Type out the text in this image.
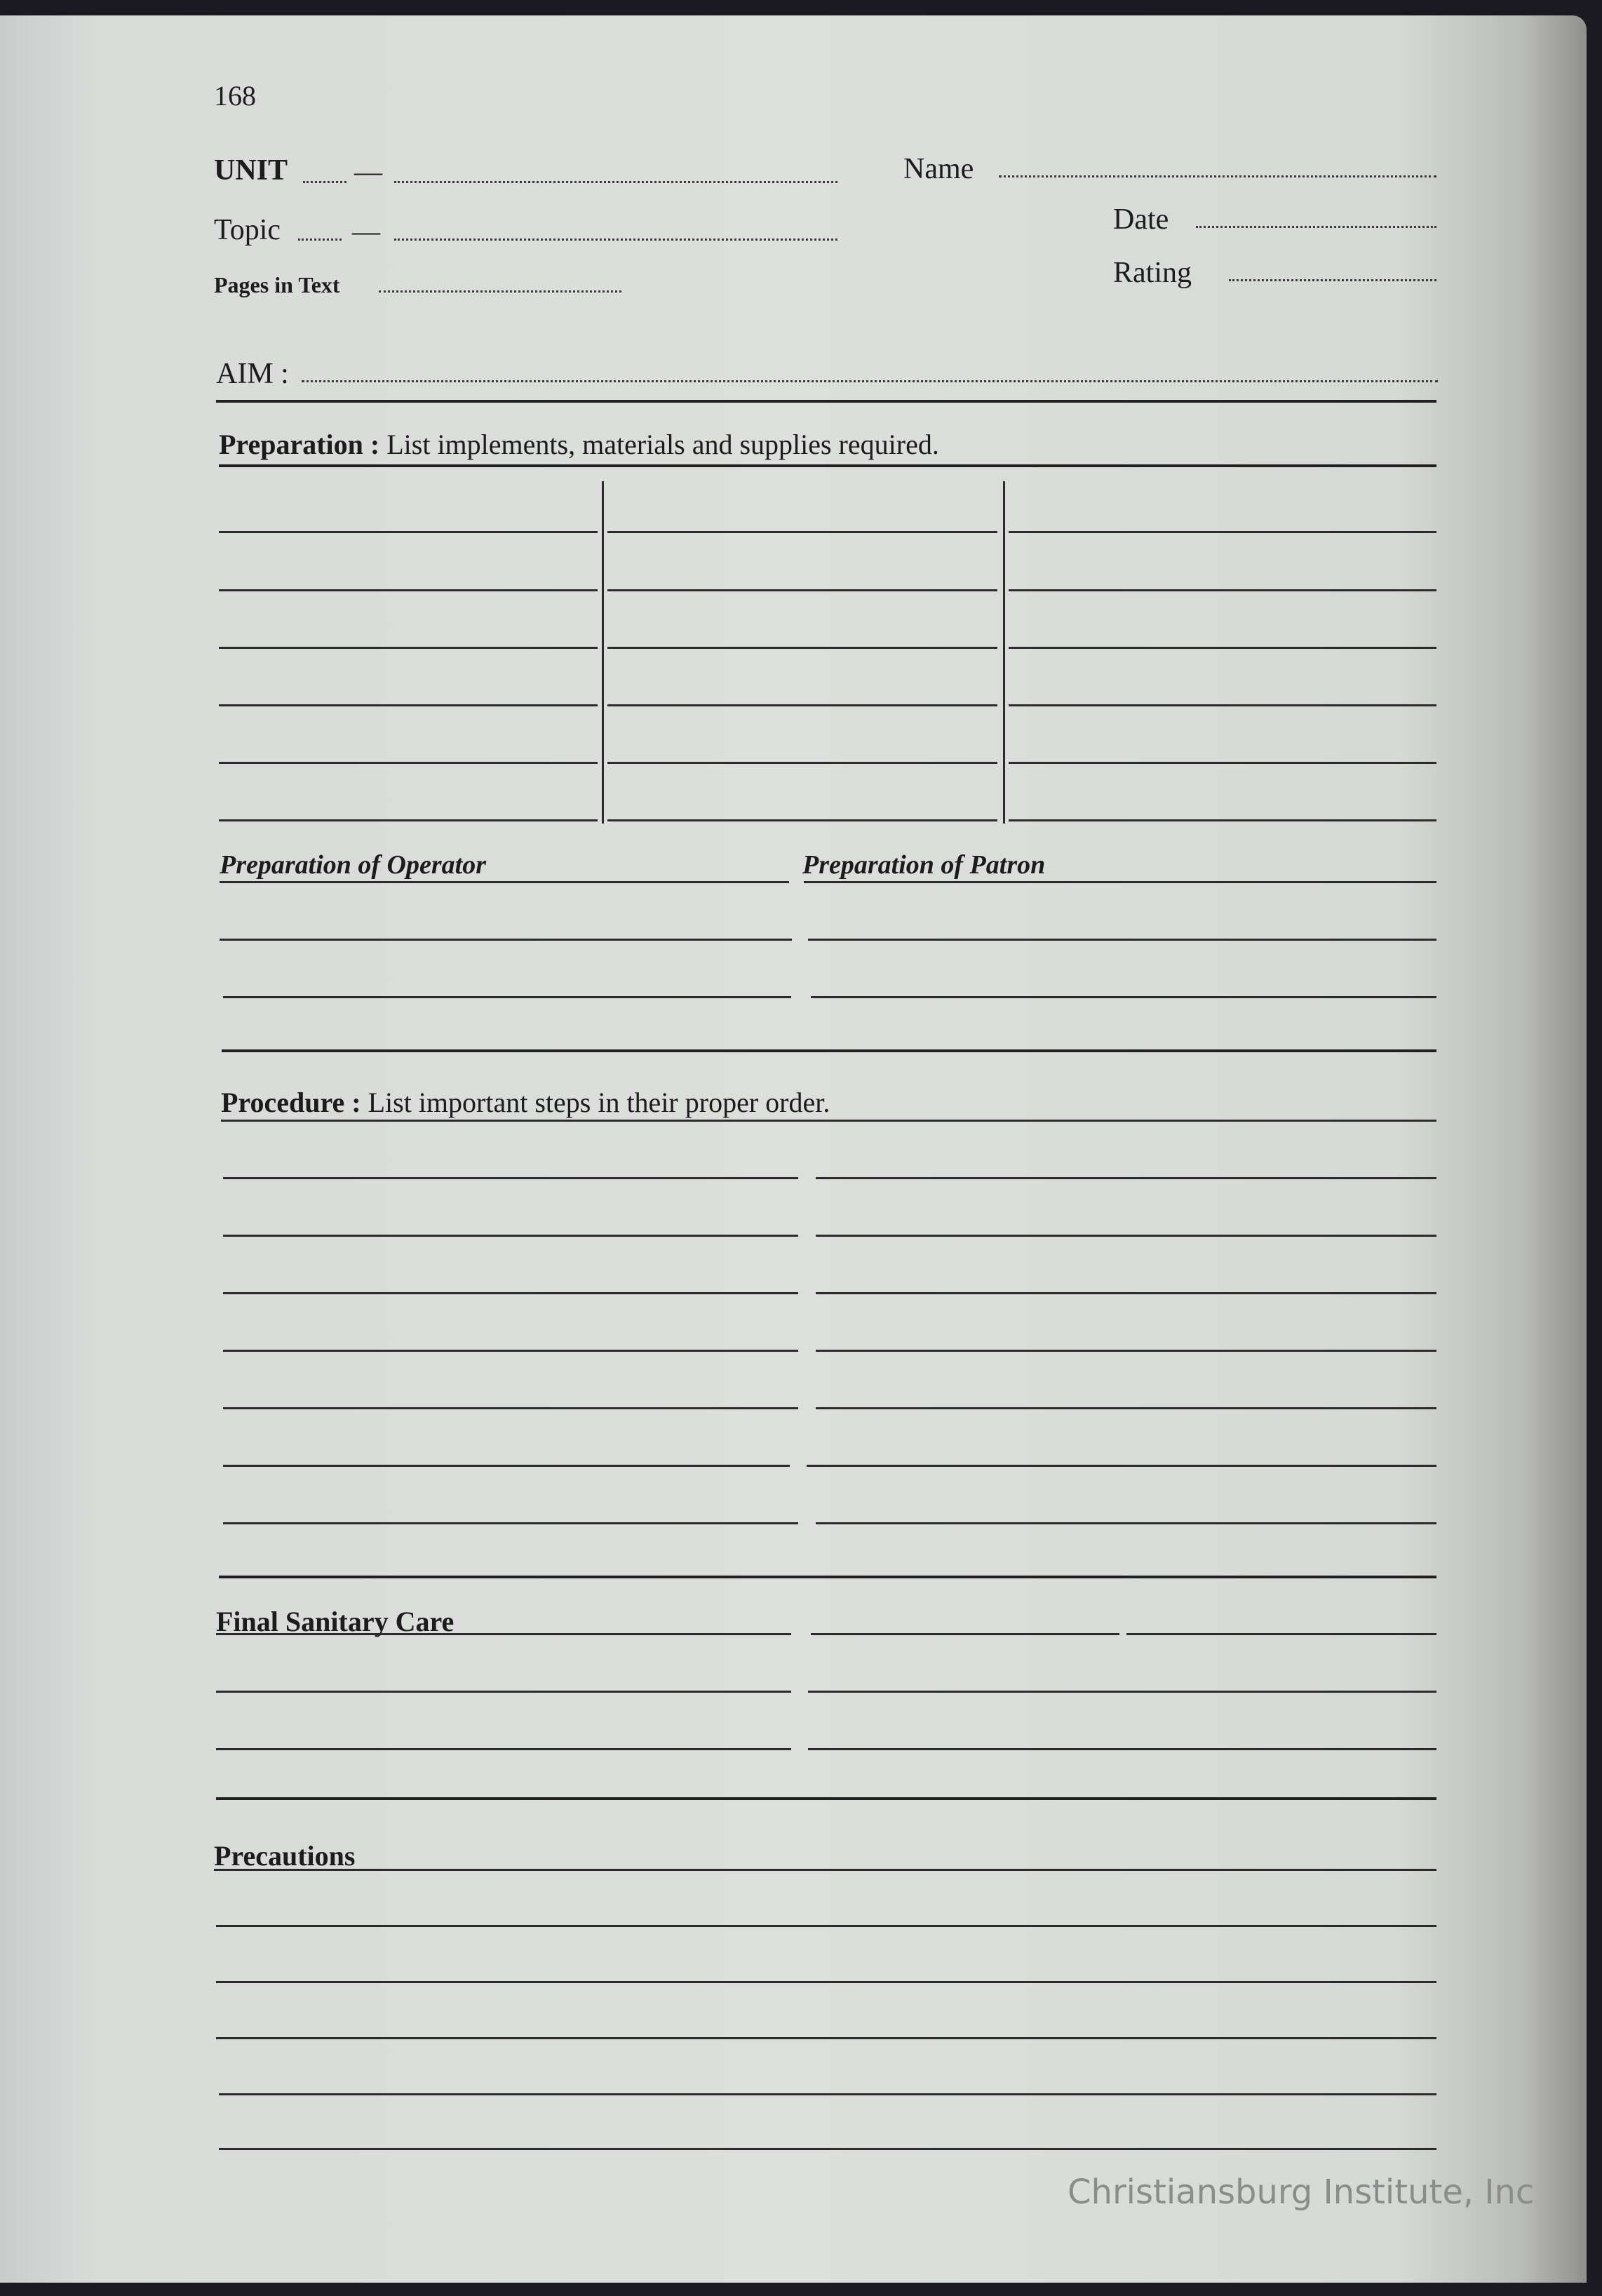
168
UNIT —
Topic	—
Pages in Text
Name
Date
Rating
AIM :
Preparation : List implements, materials and supplies required.
Preparation of Operator	Preparation of Patron
Procedure : List important steps in their proper order.
Final Sanitary Care
Precautions
Christiansburg Institute, Inc
